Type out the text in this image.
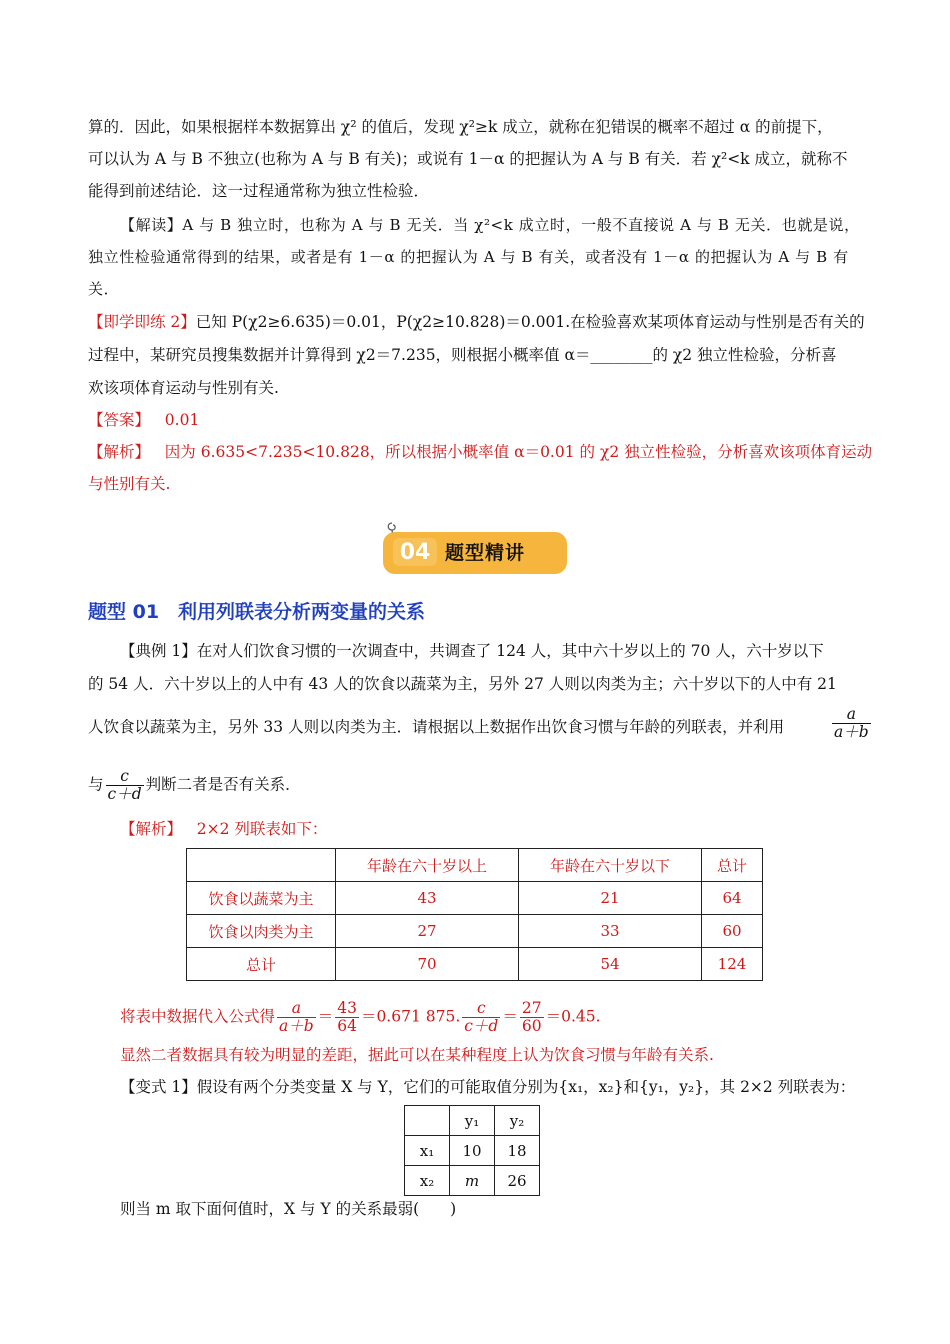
算的．因此，如果根据样本数据算出 χ² 的值后，发现 χ²≥k 成立，就称在犯错误的概率不超过 α 的前提下，
可以认为 A 与 B 不独立(也称为 A 与 B 有关)；或说有 1－α 的把握认为 A 与 B 有关．若 χ²<k 成立，就称不
能得到前述结论．这一过程通常称为独立性检验．
【解读】A 与 B 独立时，也称为 A 与 B 无关．当 χ²<k 成立时，一般不直接说 A 与 B 无关．也就是说，
独立性检验通常得到的结果，或者是有 1－α 的把握认为 A 与 B 有关，或者没有 1－α 的把握认为 A 与 B 有
关．
【即学即练 2】已知 P(χ2≥6.635)＝0.01，P(χ2≥10.828)＝0.001.在检验喜欢某项体育运动与性别是否有关的
过程中，某研究员搜集数据并计算得到 χ2＝7.235，则根据小概率值 α＝________的 χ2 独立性检验，分析喜
欢该项体育运动与性别有关.
【答案】 0.01
【解析】 因为 6.635<7.235<10.828，所以根据小概率值 α＝0.01 的 χ2 独立性检验，分析喜欢该项体育运动
与性别有关.
04 题型精讲
题型 01　利用列联表分析两变量的关系
【典例 1】在对人们饮食习惯的一次调查中，共调查了 124 人，其中六十岁以上的 70 人，六十岁以下
的 54 人．六十岁以上的人中有 43 人的饮食以蔬菜为主，另外 27 人则以肉类为主；六十岁以下的人中有 21
人饮食以蔬菜为主，另外 33 人则以肉类为主．请根据以上数据作出饮食习惯与年龄的列联表，并利用	$\frac{a}{a+b}$
与 $\frac{c}{c+d}$ 判断二者是否有关系．
【解析】 2×2 列联表如下：
	年龄在六十岁以上	年龄在六十岁以下	总计
饮食以蔬菜为主	43	21	64
饮食以肉类为主	27	33	60
总计	70	54	124
将表中数据代入公式得 $\frac{a}{a+b} = \frac{43}{64} =0.671$ 875. $\frac{c}{c+d} = \frac{27}{60} =0.45$.
显然二者数据具有较为明显的差距，据此可以在某种程度上认为饮食习惯与年龄有关系.
【变式 1】假设有两个分类变量 X 与 Y，它们的可能取值分别为{x₁，x₂}和{y₁，y₂}，其 2×2 列联表为：
	y₁	y₂
x₁	10	18
x₂	m	26
则当 m 取下面何值时，X 与 Y 的关系最弱(　　)
